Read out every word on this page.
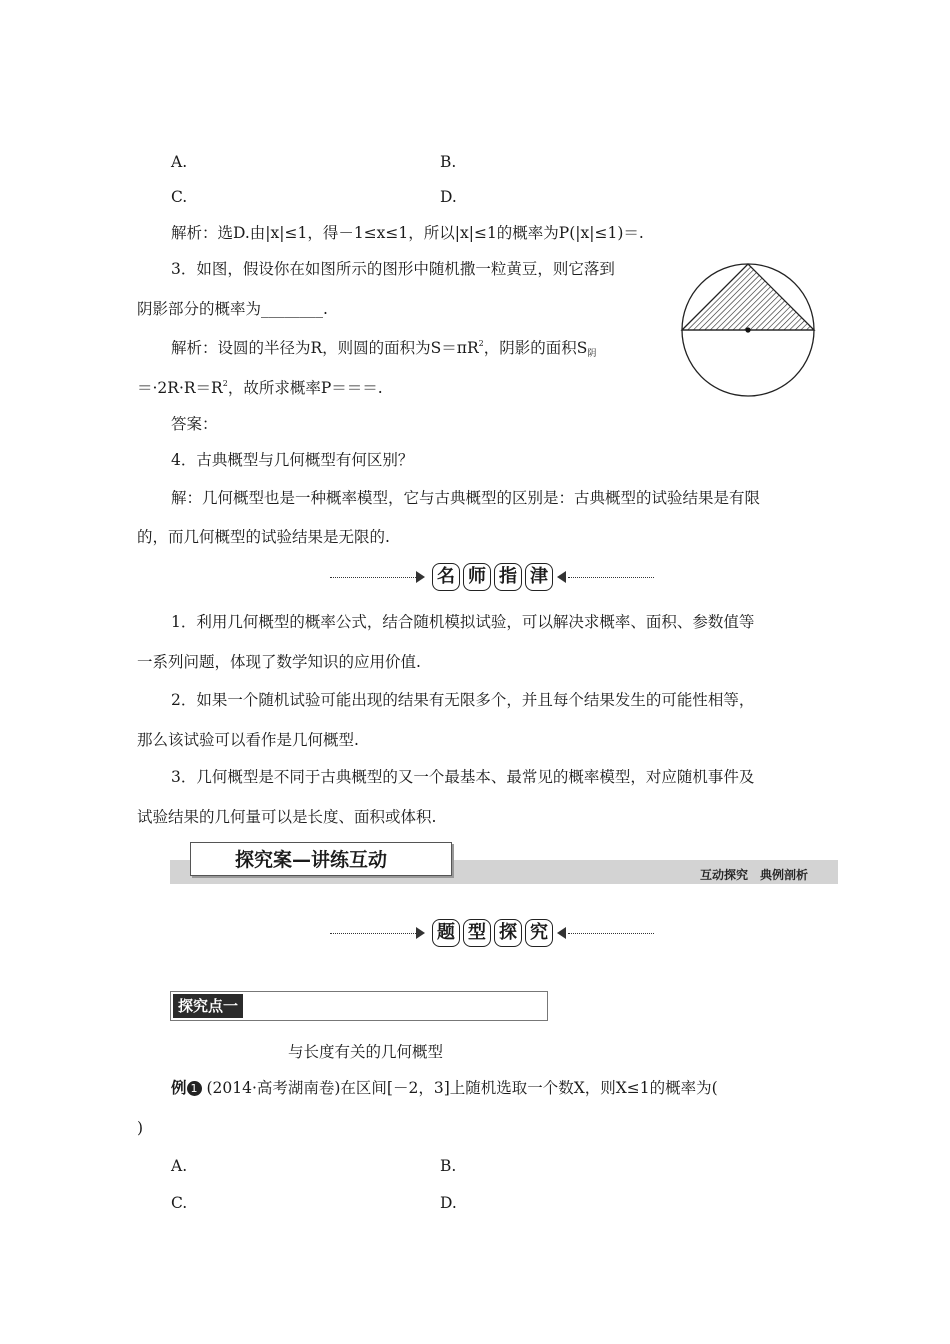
A.	B.
C.	D.
解析：选D.由|x|≤1，得－1≤x≤1，所以|x|≤1的概率为P(|x|≤1)＝.
3．如图，假设你在如图所示的图形中随机撒一粒黄豆，则它落到
阴影部分的概率为________.
解析：设圆的半径为R，则圆的面积为$S=\pi R^2$，阴影的面积$S_阴$
$=\cdot 2R\cdot R=R^2$，故所求概率P＝＝＝.
答案：
4．古典概型与几何概型有何区别？
解：几何概型也是一种概率模型，它与古典概型的区别是：古典概型的试验结果是有限
的，而几何概型的试验结果是无限的.
名 师 指 津
1．利用几何概型的概率公式，结合随机模拟试验，可以解决求概率、面积、参数值等
一系列问题，体现了数学知识的应用价值.
2．如果一个随机试验可能出现的结果有无限多个，并且每个结果发生的可能性相等，
那么该试验可以看作是几何概型.
3．几何概型是不同于古典概型的又一个最基本、最常见的概率模型，对应随机事件及
试验结果的几何量可以是长度、面积或体积.
探究案—讲练互动
互动探究　典例剖析
题 型 探 究
探究点一
与长度有关的几何概型
例 1 (2014·高考湖南卷)在区间[－2，3]上随机选取一个数X，则X≤1的概率为(
)
A.	B.
C.	D.
